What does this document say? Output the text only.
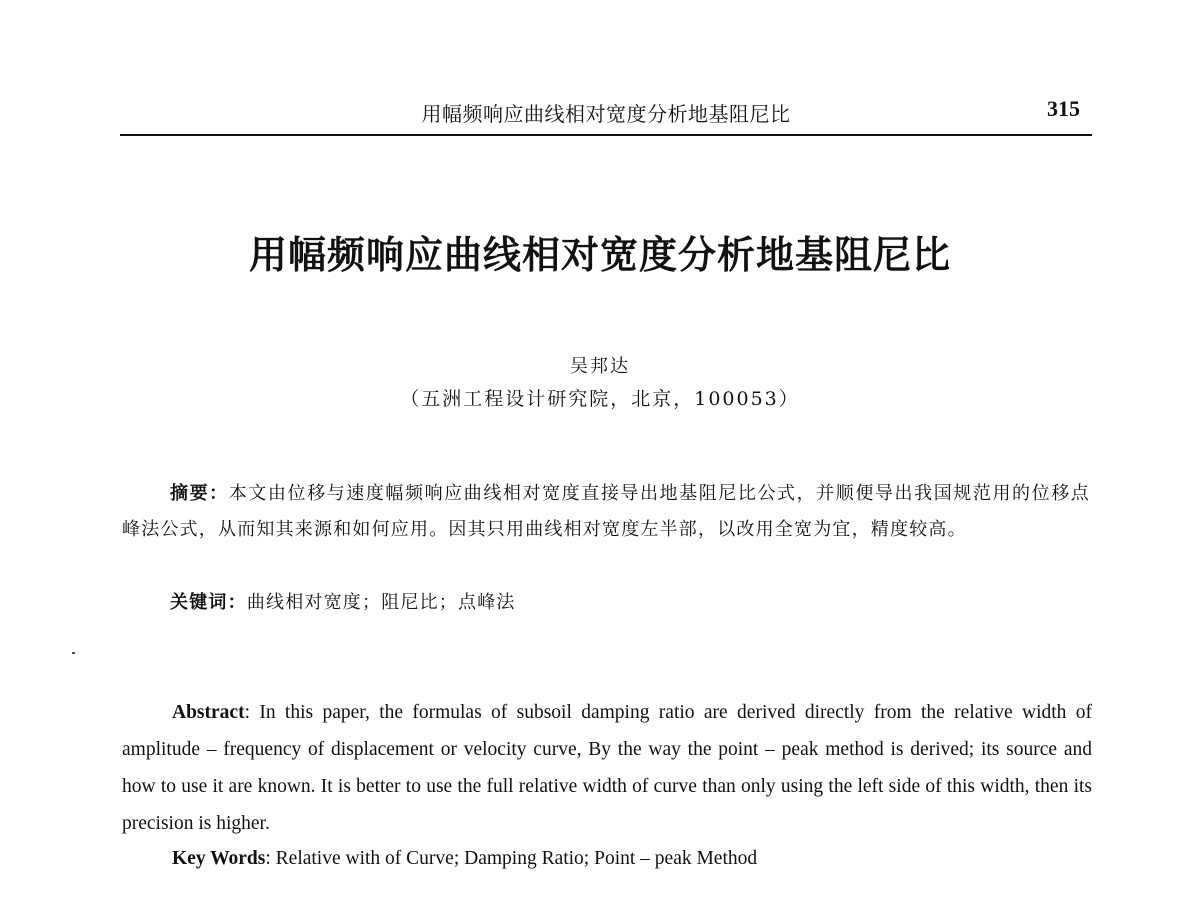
用幅频响应曲线相对宽度分析地基阻尼比	315
用幅频响应曲线相对宽度分析地基阻尼比
吴邦达
（五洲工程设计研究院，北京，100053）

摘要：本文由位移与速度幅频响应曲线相对宽度直接导出地基阻尼比公式，并顺便导出我国规范用的位移点峰法公式，从而知其来源和如何应用。因其只用曲线相对宽度左半部，以改用全宽为宜，精度较高。

关键词：曲线相对宽度；阻尼比；点峰法

Abstract: In this paper, the formulas of subsoil damping ratio are derived directly from the relative width of amplitude – frequency of displacement or velocity curve, By the way the point – peak method is derived; its source and how to use it are known. It is better to use the full relative width of curve than only using the left side of this width, then its precision is higher.

Key Words: Relative with of Curve; Damping Ratio; Point – peak Method
